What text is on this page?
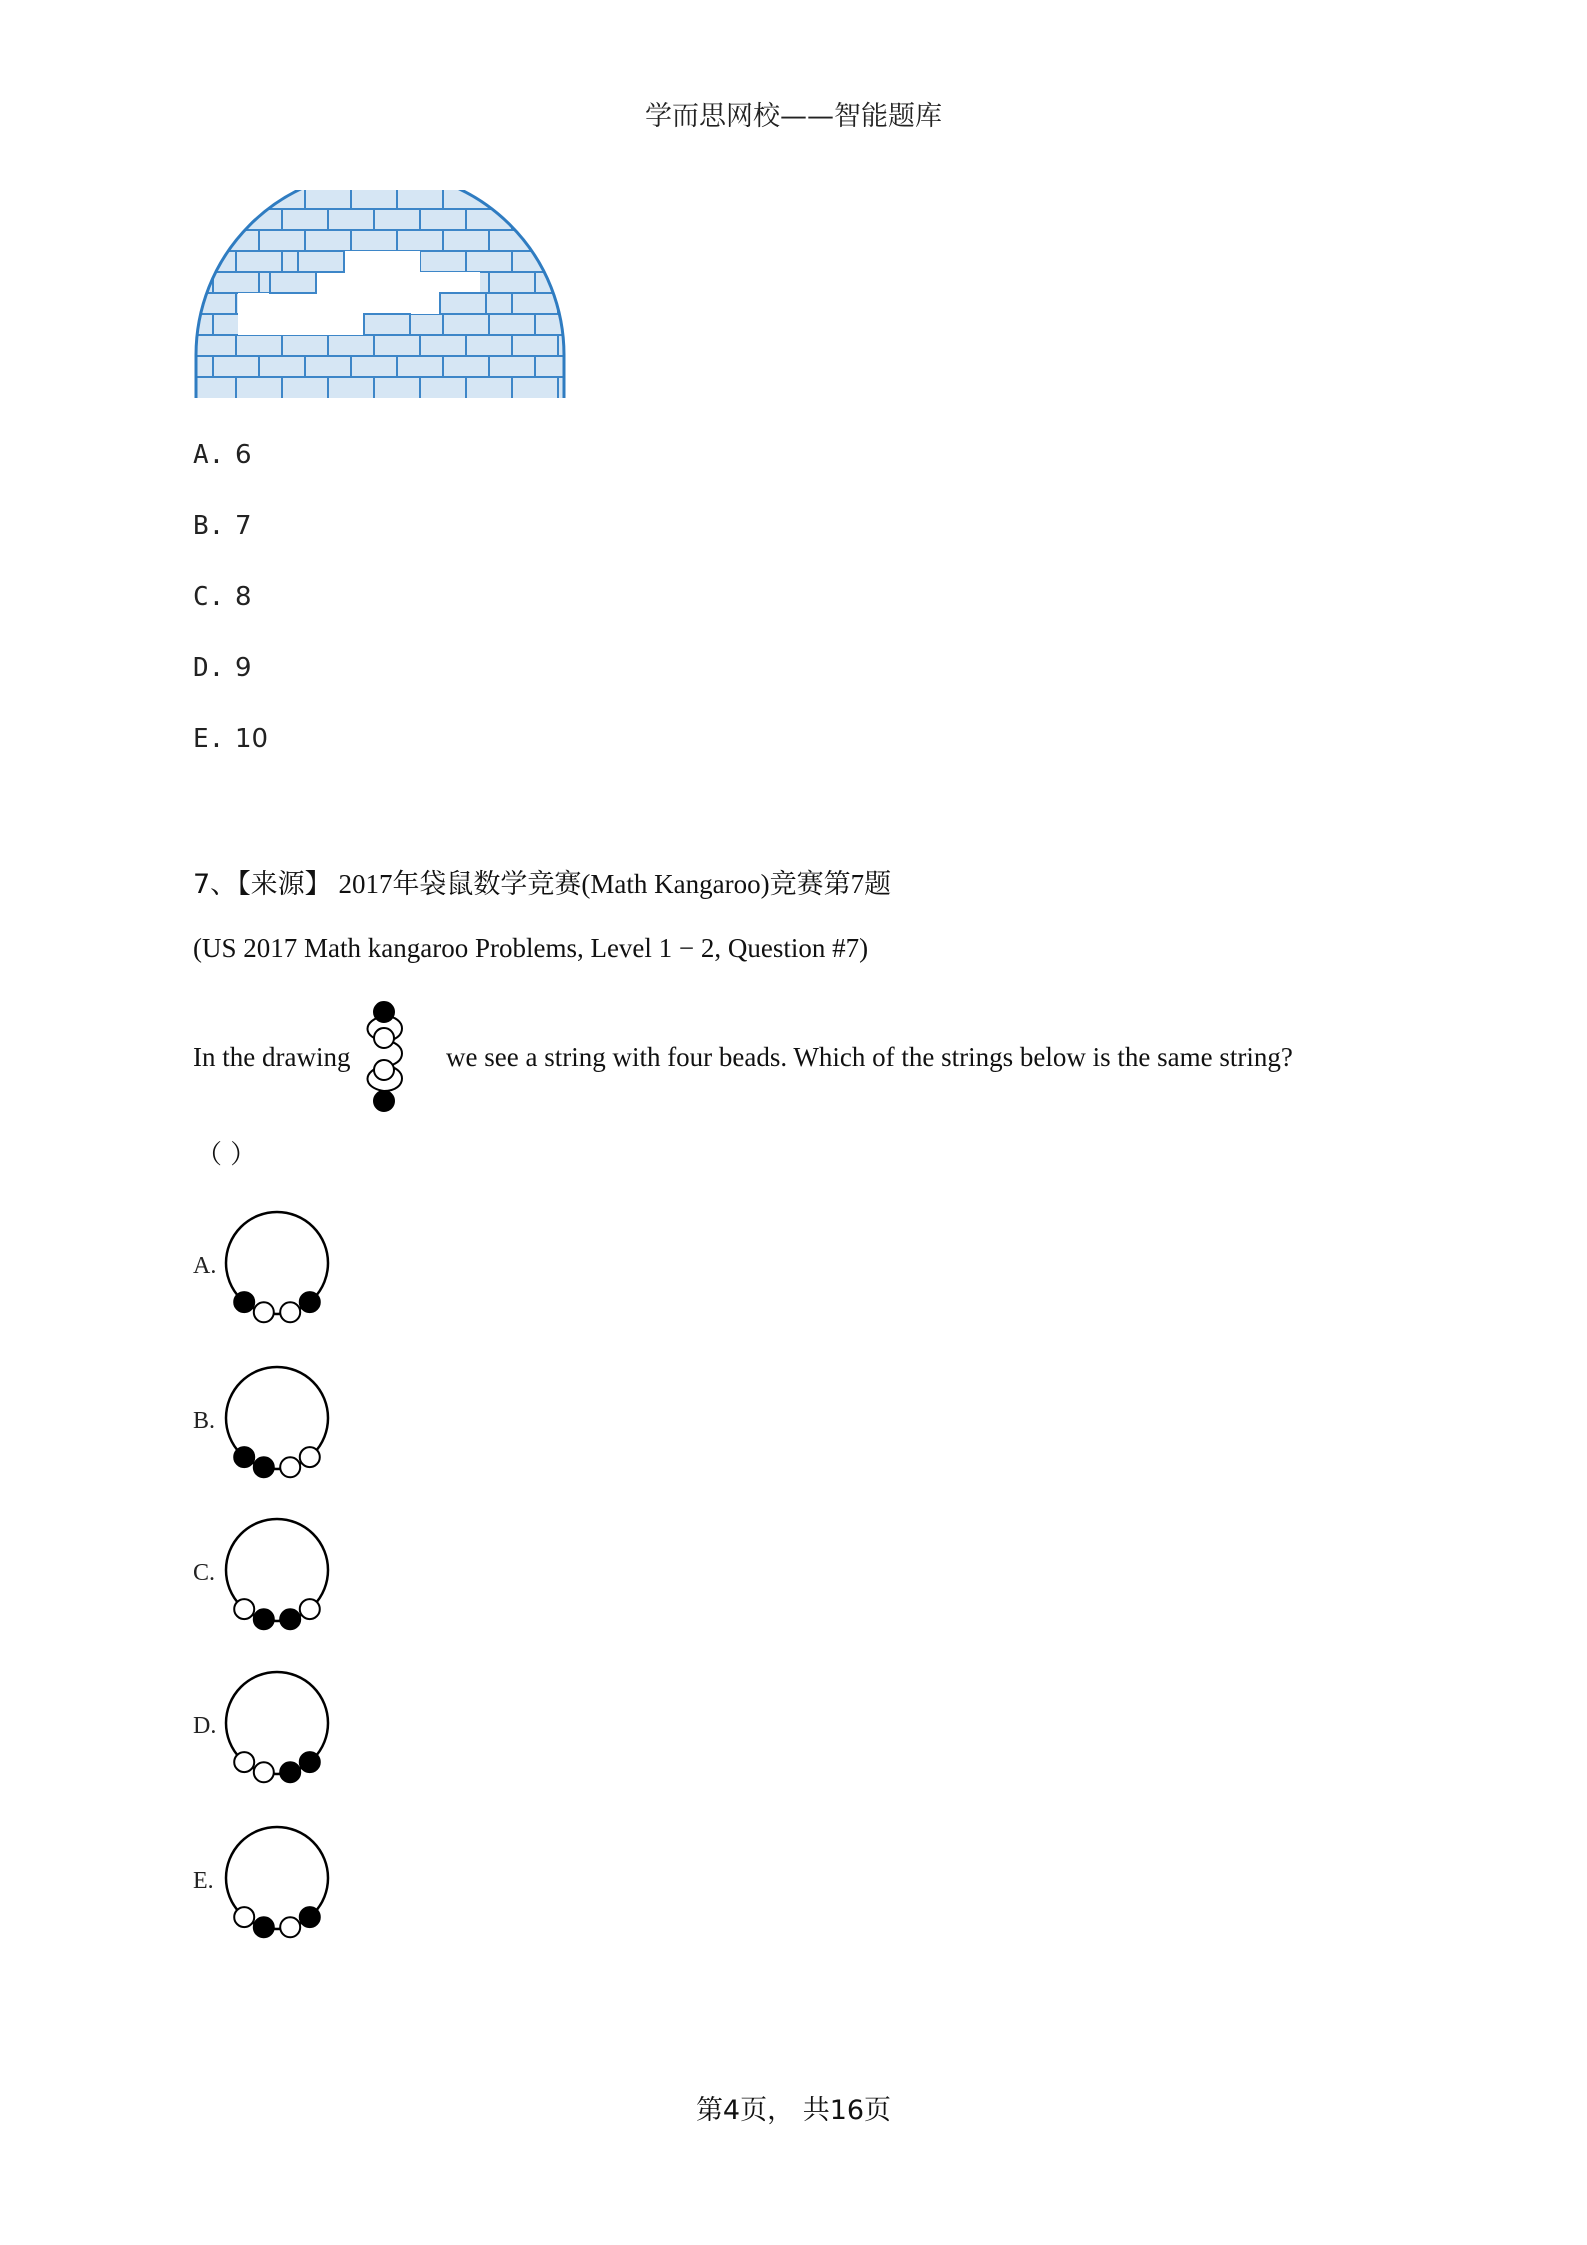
学而思网校——智能题库
A. 6
B. 7
C. 8
D. 9
E. 10
7、【来源】 2017年袋鼠数学竞赛(Math Kangaroo)竞赛第7题
(US 2017 Math kangaroo Problems, Level 1 − 2, Question #7)
In the drawing	we see a string with four beads. Which of the strings below is the same string?
（ ）
A.
B.
C.
D.
E.
第4页， 共16页
